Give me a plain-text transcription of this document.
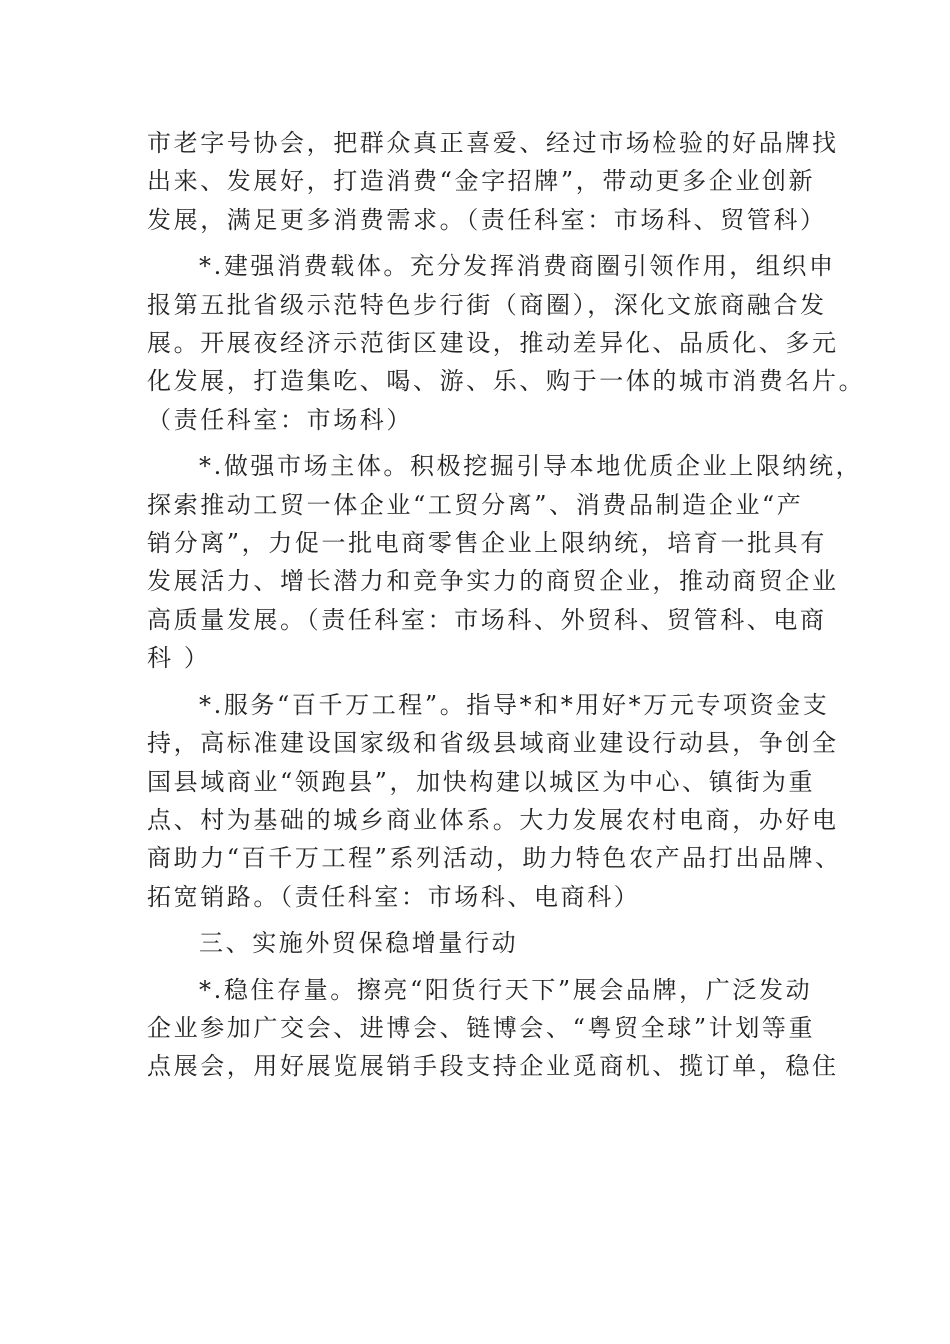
市老字号协会，把群众真正喜爱、经过市场检验的好品牌找
出来、发展好，打造消费“金字招牌”，带动更多企业创新
发展，满足更多消费需求。（责任科室：市场科、贸管科）

*.建强消费载体。充分发挥消费商圈引领作用，组织申
报第五批省级示范特色步行街（商圈），深化文旅商融合发
展。开展夜经济示范街区建设，推动差异化、品质化、多元
化发展，打造集吃、喝、游、乐、购于一体的城市消费名片。
（责任科室：市场科）

*.做强市场主体。积极挖掘引导本地优质企业上限纳统，
探索推动工贸一体企业“工贸分离”、消费品制造企业“产
销分离”，力促一批电商零售企业上限纳统，培育一批具有
发展活力、增长潜力和竞争实力的商贸企业，推动商贸企业
高质量发展。（责任科室：市场科、外贸科、贸管科、电商
科 ）

*.服务“百千万工程”。指导*和*用好*万元专项资金支
持，高标准建设国家级和省级县域商业建设行动县，争创全
国县域商业“领跑县”，加快构建以城区为中心、镇街为重
点、村为基础的城乡商业体系。大力发展农村电商，办好电
商助力“百千万工程”系列活动，助力特色农产品打出品牌、
拓宽销路。（责任科室：市场科、电商科）

三、实施外贸保稳增量行动

*.稳住存量。擦亮“阳货行天下”展会品牌，广泛发动
企业参加广交会、进博会、链博会、“粤贸全球”计划等重
点展会，用好展览展销手段支持企业觅商机、揽订单，稳住
